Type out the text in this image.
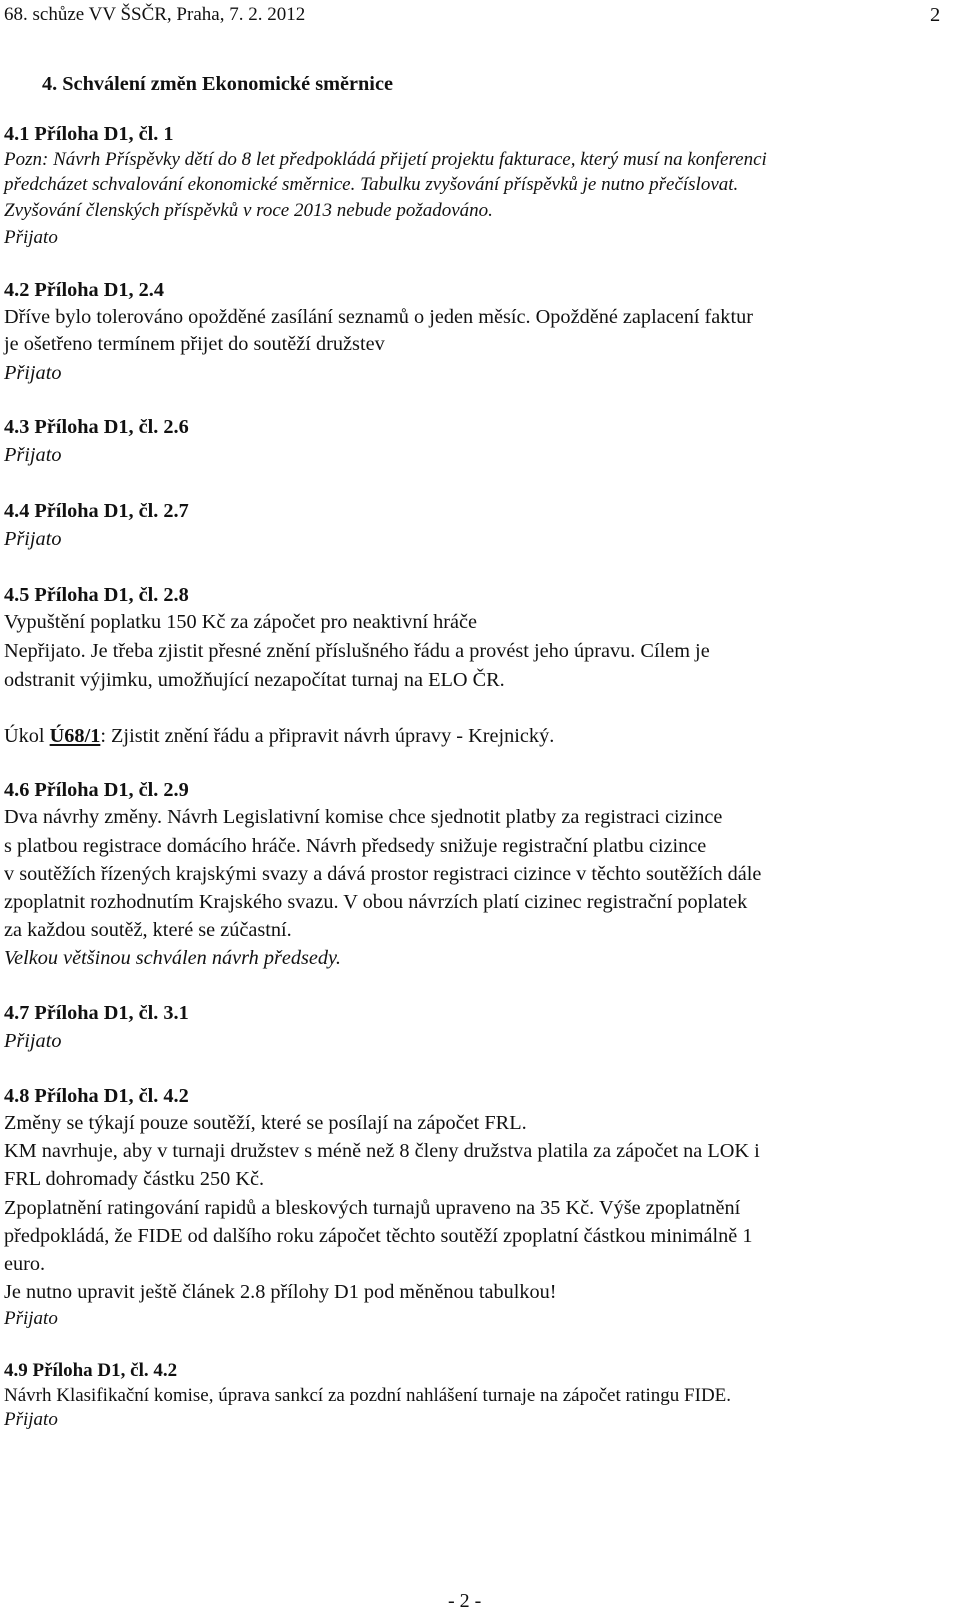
68. schůze VV ŠSČR, Praha, 7. 2. 2012	2
4. Schválení změn Ekonomické směrnice
4.1 Příloha D1, čl. 1
Pozn: Návrh Příspěvky dětí do 8 let předpokládá přijetí projektu fakturace, který musí na konferenci
předcházet schvalování ekonomické směrnice. Tabulku zvyšování příspěvků je nutno přečíslovat.
Zvyšování členských příspěvků v roce 2013 nebude požadováno.
Přijato
4.2 Příloha D1, 2.4
Dříve bylo tolerováno opožděné zasílání seznamů o jeden měsíc. Opožděné zaplacení faktur
je ošetřeno termínem přijet do soutěží družstev
Přijato
4.3 Příloha D1, čl. 2.6
Přijato
4.4 Příloha D1, čl. 2.7
Přijato
4.5 Příloha D1, čl. 2.8
Vypuštění poplatku 150 Kč za zápočet pro neaktivní hráče
Nepřijato. Je třeba zjistit přesné znění příslušného řádu a provést jeho úpravu. Cílem je
odstranit výjimku, umožňující nezapočítat turnaj na ELO ČR.
Úkol Ú68/1: Zjistit znění řádu a připravit návrh úpravy - Krejnický.
4.6 Příloha D1, čl. 2.9
Dva návrhy změny. Návrh Legislativní komise chce sjednotit platby za registraci cizince
s platbou registrace domácího hráče. Návrh předsedy snižuje registrační platbu cizince
v soutěžích řízených krajskými svazy a dává prostor registraci cizince v těchto soutěžích dále
zpoplatnit rozhodnutím Krajského svazu. V obou návrzích platí cizinec registrační poplatek
za každou soutěž, které se zúčastní.
Velkou většinou schválen návrh předsedy.
4.7 Příloha D1, čl. 3.1
Přijato
4.8 Příloha D1, čl. 4.2
Změny se týkají pouze soutěží, které se posílají na zápočet FRL.
KM navrhuje, aby v turnaji družstev s méně než 8 členy družstva platila za zápočet na LOK i
FRL dohromady částku 250 Kč.
Zpoplatnění ratingování rapidů a bleskových turnajů upraveno na 35 Kč. Výše zpoplatnění
předpokládá, že FIDE od dalšího roku zápočet těchto soutěží zpoplatní částkou minimálně 1
euro.
Je nutno upravit ještě článek 2.8 přílohy D1 pod měněnou tabulkou!
Přijato
4.9 Příloha D1, čl. 4.2
Návrh Klasifikační komise, úprava sankcí za pozdní nahlášení turnaje na zápočet ratingu FIDE.
Přijato
- 2 -
